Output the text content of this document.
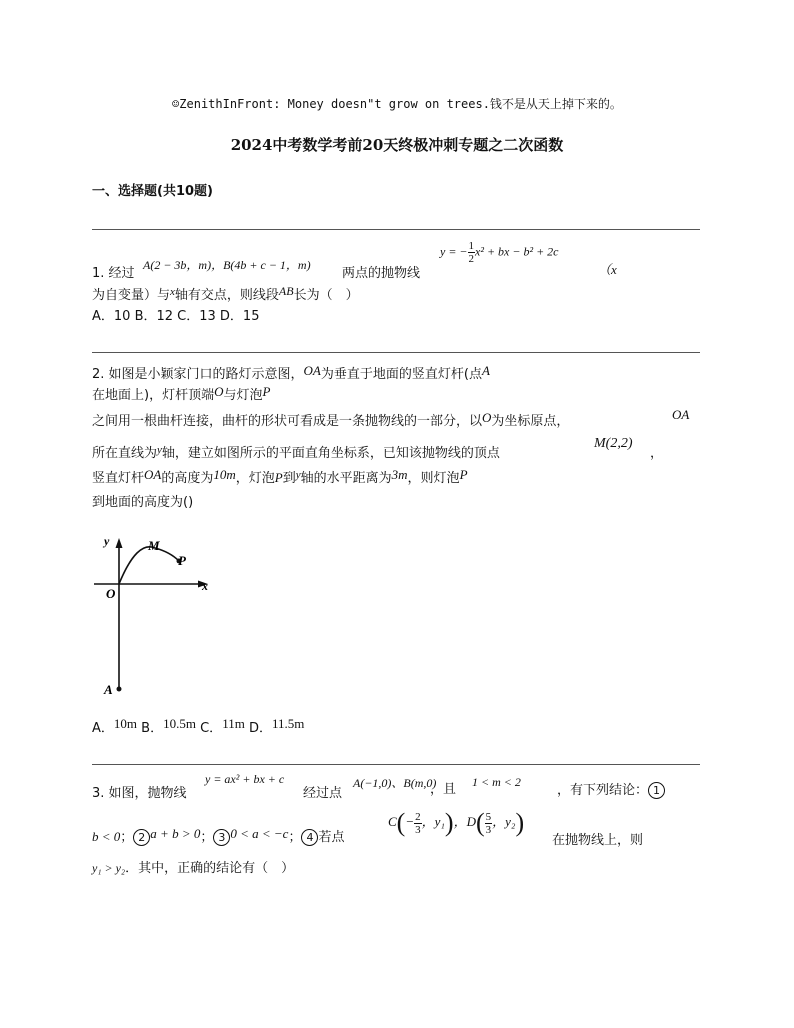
☺ZenithInFront: Money doesn"t grow on trees.钱不是从天上掉下来的。
2024中考数学考前20天终极冲刺专题之二次函数
一、选择题(共10题)
1. 经过
A(2 − 3b，m)，B(4b + c − 1，m)
两点的抛物线
y = − $\frac{1}{2} x^2$ + bx − b² + 2c
（x
为自变量）与$^x$轴有交点，则线段AB长为（　）
A．10 B．12 C．13 D．15
2. 如图是小颖家门口的路灯示意图，OA为垂直于地面的竖直灯杆(点A
在地面上)，灯杆顶端O与灯泡P
之间用一根曲杆连接，曲杆的形状可看成是一条抛物线的一部分，以O为坐标原点，	OA
所在直线为$^y$轴，建立如图所示的平面直角坐标系，已知该抛物线的顶点
M(2,2)
，
竖直灯杆OA的高度为10m，灯泡P到$^y$轴的水平距离为3m，则灯泡P
到地面的高度为()
y
x
O
M
P
A
A．10m B．10.5m C．11m D．11.5m
3. 如图，抛物线
y = ax² + bx + c
经过点
A(−1,0)、B(m,0)
，且 1 < m < 2
，有下列结论： 1
b < 0； 2 a + b > 0； 3 0 < a < −c； 4 若点
$C(- \frac{2}{3}$ ，y₁)，$D( \frac{5}{3}$ ，y₂)
在抛物线上，则
y₁ > y₂．其中，正确的结论有（　）
